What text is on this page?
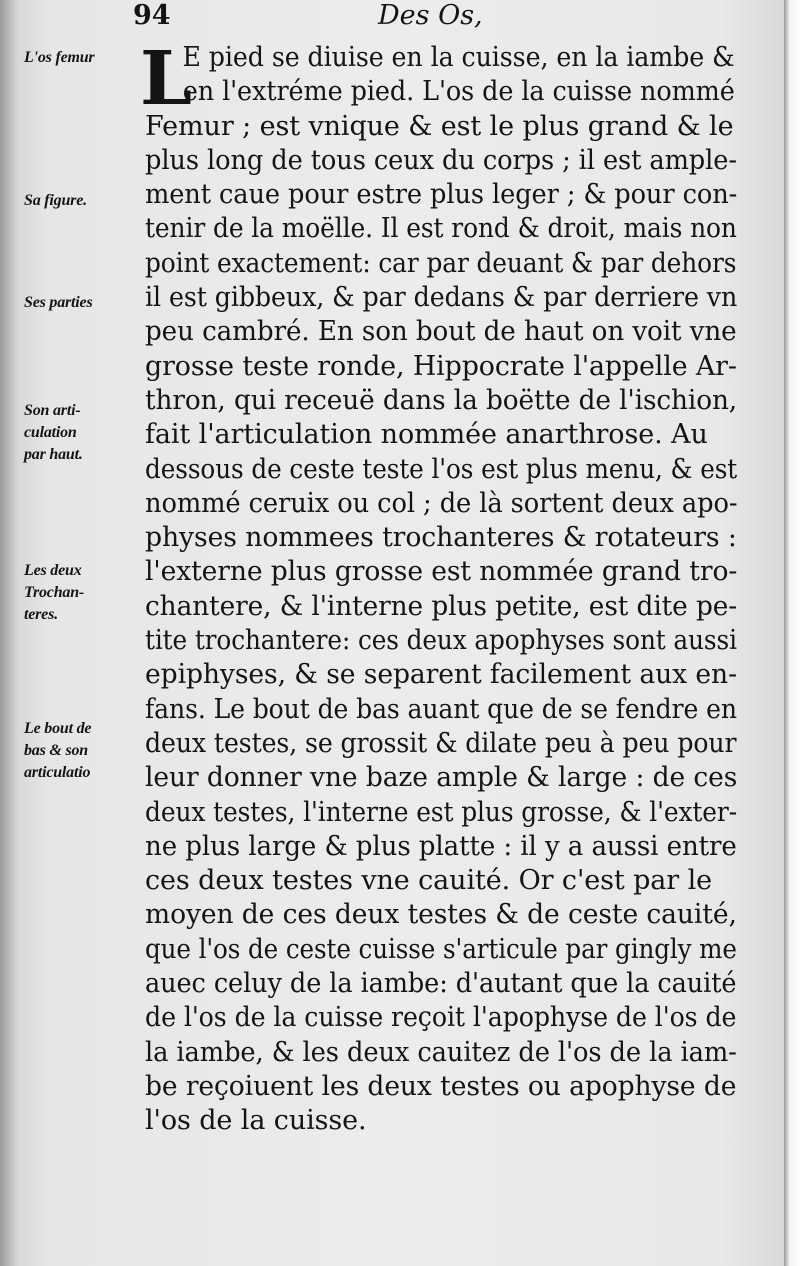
94	Des Os,
L'os femur
Sa figure.
Ses parties
Son arti-
culation
par haut.
Les deux
Trochan-
teres.
Le bout de
bas & son
articulatio
L
E pied se diuise en la cuisse, en la iambe &
en l'extréme pied. L'os de la cuisse nommé
Femur ; est vnique & est le plus grand & le
plus long de tous ceux du corps ; il est ample-
ment caue pour estre plus leger ; & pour con-
tenir de la moëlle. Il est rond & droit, mais non
point exactement: car par deuant & par dehors
il est gibbeux, & par dedans & par derriere vn
peu cambré. En son bout de haut on voit vne
grosse teste ronde, Hippocrate l'appelle Ar-
thron, qui receuë dans la boëtte de l'ischion,
fait l'articulation nommée anarthrose. Au
dessous de ceste teste l'os est plus menu, & est
nommé ceruix ou col ; de là sortent deux apo-
physes nommees trochanteres & rotateurs :
l'externe plus grosse est nommée grand tro-
chantere, & l'interne plus petite, est dite pe-
tite trochantere: ces deux apophyses sont aussi
epiphyses, & se separent facilement aux en-
fans. Le bout de bas auant que de se fendre en
deux testes, se grossit & dilate peu à peu pour
leur donner vne baze ample & large : de ces
deux testes, l'interne est plus grosse, & l'exter-
ne plus large & plus platte : il y a aussi entre
ces deux testes vne cauité. Or c'est par le
moyen de ces deux testes & de ceste cauité,
que l'os de ceste cuisse s'articule par gingly me
auec celuy de la iambe: d'autant que la cauité
de l'os de la cuisse reçoit l'apophyse de l'os de
la iambe, & les deux cauitez de l'os de la iam-
be reçoiuent les deux testes ou apophyse de
l'os de la cuisse.
